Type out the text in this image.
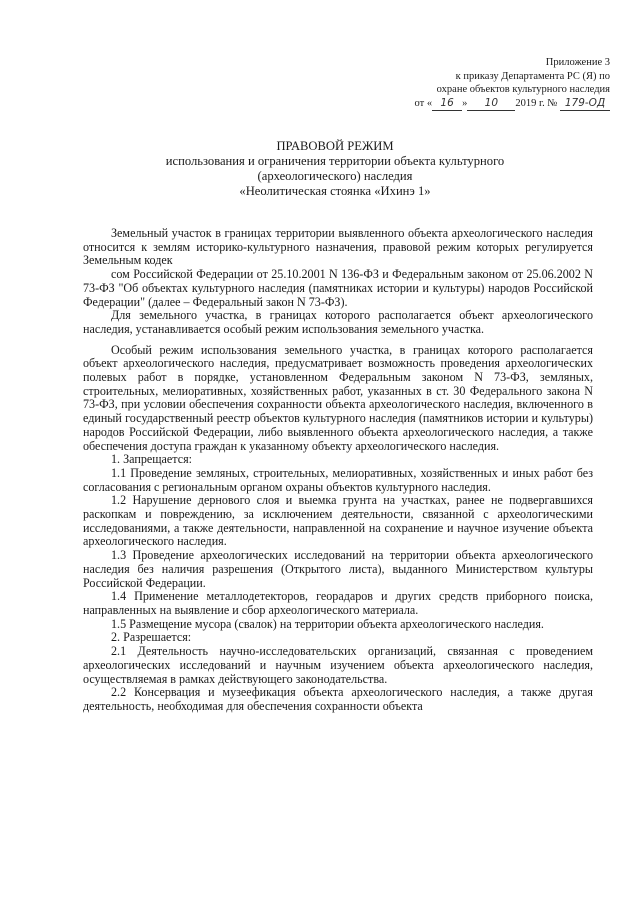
Приложение 3
к приказу Департамента РС (Я) по
охране объектов культурного наследия
от « 16 » 10 2019 г. № 179-ОД
ПРАВОВОЙ РЕЖИМ
использования и ограничения территории объекта культурного
(археологического) наследия
«Неолитическая стоянка «Ихинэ 1»

Земельный участок в границах территории выявленного объекта археологического наследия относится к землям историко-культурного назначения, правовой режим которых регулируется Земельным кодек

сом Российской Федерации от 25.10.2001 N 136-ФЗ и Федеральным законом от 25.06.2002 N 73-ФЗ "Об объектах культурного наследия (памятниках истории и культуры) народов Российской Федерации" (далее – Федеральный закон N 73-ФЗ).

Для земельного участка, в границах которого располагается объект археологического наследия, устанавливается особый режим использования земельного участка.

Особый режим использования земельного участка, в границах которого располагается объект археологического наследия, предусматривает возможность проведения археологических полевых работ в порядке, установленном Федеральным законом N 73-ФЗ, земляных, строительных, мелиоративных, хозяйственных работ, указанных в ст. 30 Федерального закона N 73-ФЗ, при условии обеспечения сохранности объекта археологического наследия, включенного в единый государственный реестр объектов культурного наследия (памятников истории и культуры) народов Российской Федерации, либо выявленного объекта археологического наследия, а также обеспечения доступа граждан к указанному объекту археологического наследия.

1. Запрещается:

1.1 Проведение земляных, строительных, мелиоративных, хозяйственных и иных работ без согласования с региональным органом охраны объектов культурного наследия.

1.2 Нарушение дернового слоя и выемка грунта на участках, ранее не подвергавшихся раскопкам и повреждению, за исключением деятельности, связанной с археологическими исследованиями, а также деятельности, направленной на сохранение и научное изучение объекта археологического наследия.

1.3 Проведение археологических исследований на территории объекта археологического наследия без наличия разрешения (Открытого листа), выданного Министерством культуры Российской Федерации.

1.4 Применение металлодетекторов, георадаров и других средств приборного поиска, направленных на выявление и сбор археологического материала.

1.5 Размещение мусора (свалок) на территории объекта археологического наследия.

2. Разрешается:

2.1 Деятельность научно-исследовательских организаций, связанная с проведением археологических исследований и научным изучением объекта археологического наследия, осуществляемая в рамках действующего законодательства.

2.2 Консервация и музеефикация объекта археологического наследия, а также другая деятельность, необходимая для обеспечения сохранности объекта
